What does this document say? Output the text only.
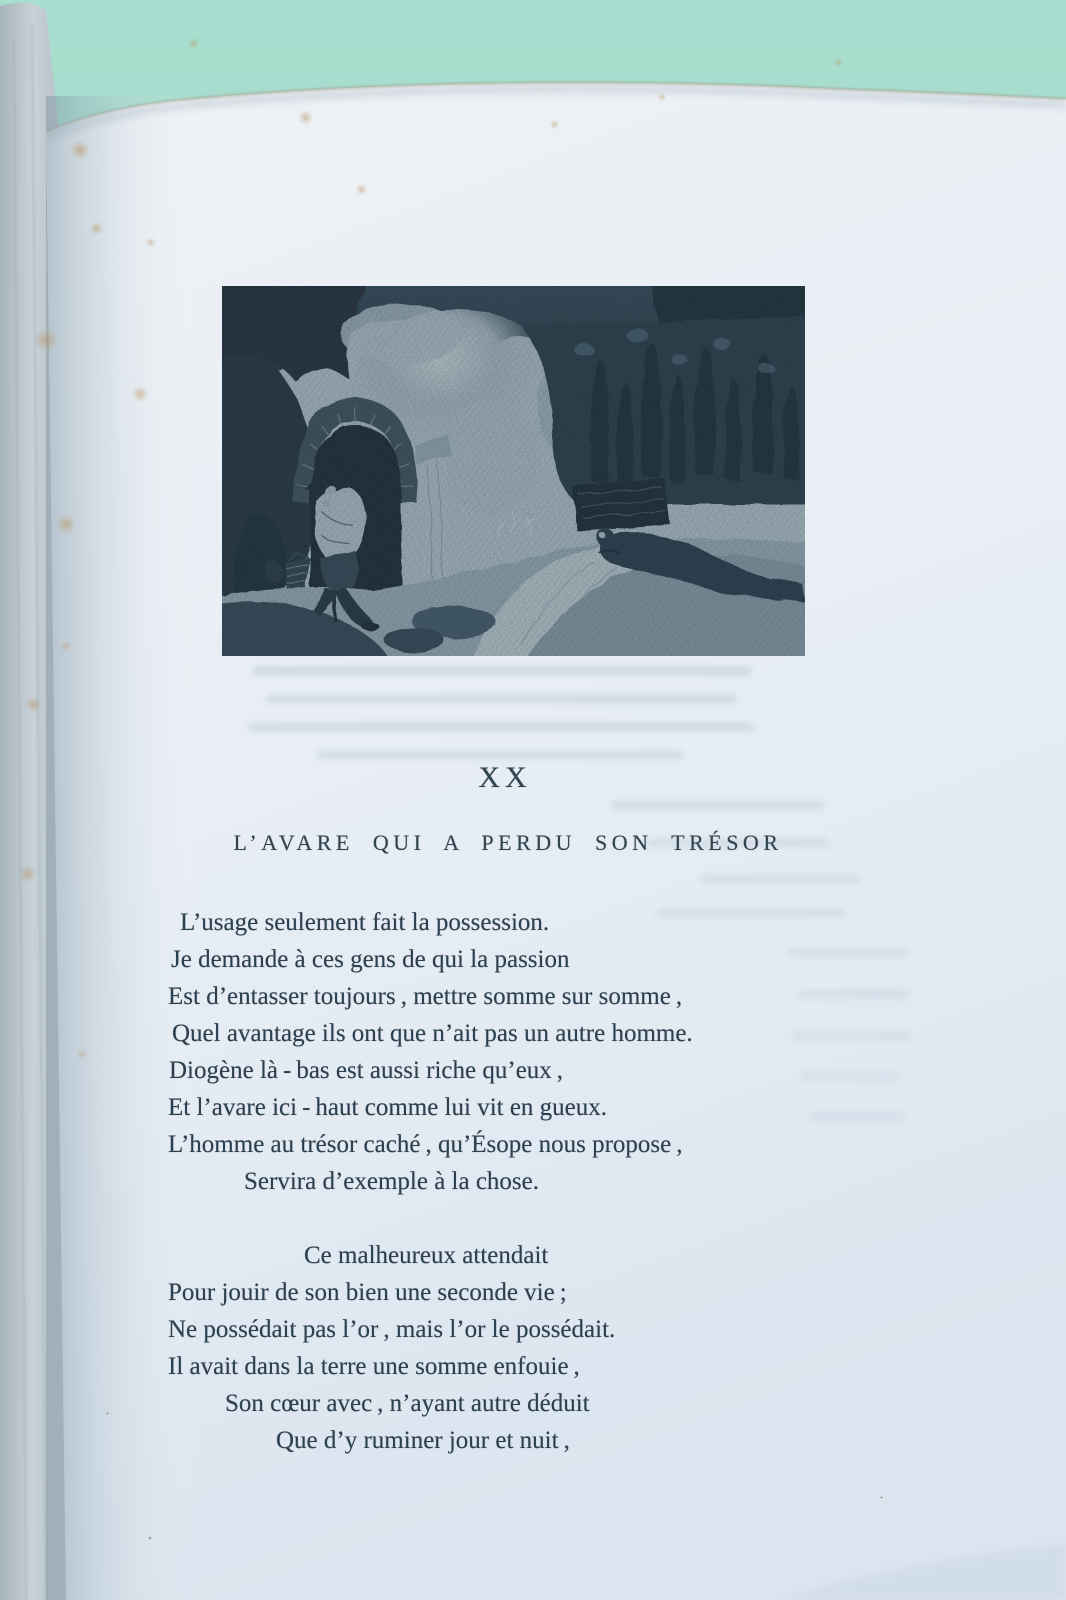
XX
L’AVARE QUI A PERDU SON TRÉSOR
L’usage seulement fait la possession.
Je demande à ces gens de qui la passion
Est d’entasser toujours , mettre somme sur somme ,
Quel avantage ils ont que n’ait pas un autre homme.
Diogène là - bas est aussi riche qu’eux ,
Et l’avare ici - haut comme lui vit en gueux.
L’homme au trésor caché , qu’Ésope nous propose ,
Servira d’exemple à la chose.
Ce malheureux attendait
Pour jouir de son bien une seconde vie ;
Ne possédait pas l’or , mais l’or le possédait.
Il avait dans la terre une somme enfouie ,
Son cœur avec , n’ayant autre déduit
Que d’y ruminer jour et nuit ,
